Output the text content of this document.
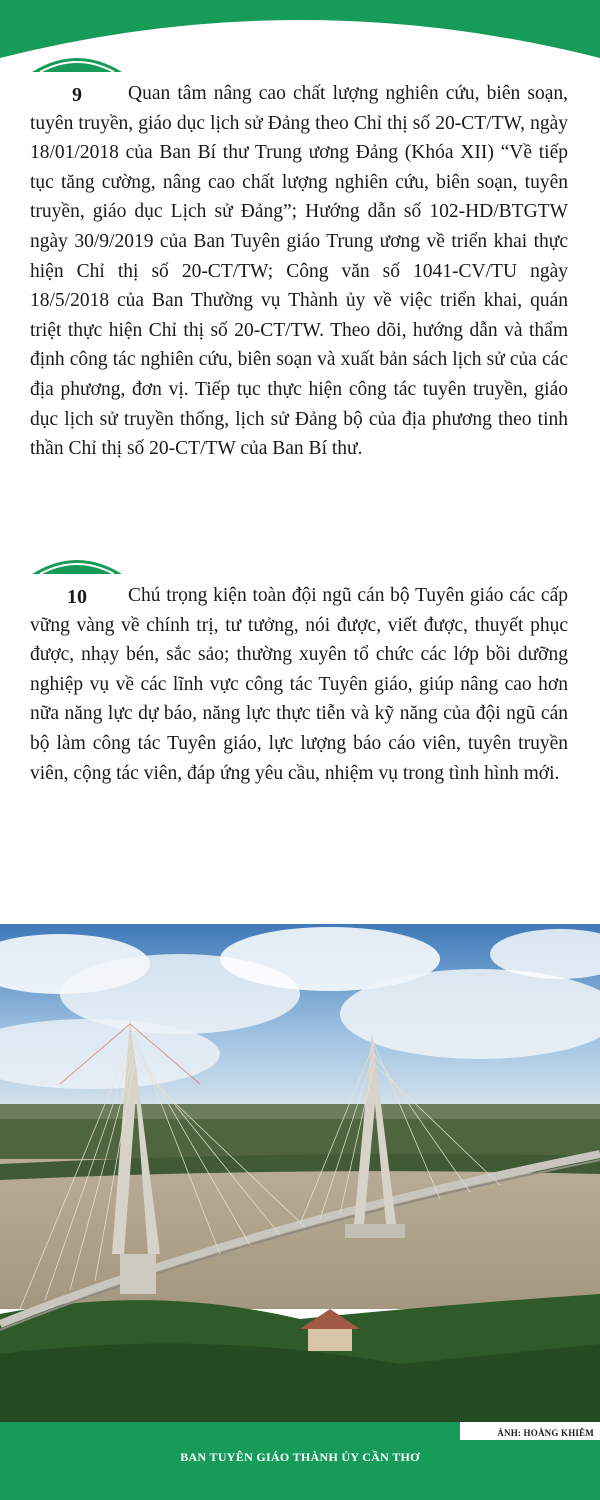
9	Quan tâm nâng cao chất lượng nghiên cứu, biên soạn, tuyên truyền, giáo dục lịch sử Đảng theo Chỉ thị số 20-CT/TW, ngày 18/01/2018 của Ban Bí thư Trung ương Đảng (Khóa XII) “Về tiếp tục tăng cường, nâng cao chất lượng nghiên cứu, biên soạn, tuyên truyền, giáo dục Lịch sử Đảng”; Hướng dẫn số 102-HD/BTGTW ngày 30/9/2019 của Ban Tuyên giáo Trung ương về triển khai thực hiện Chỉ thị số 20-CT/TW; Công văn số 1041-CV/TU ngày 18/5/2018 của Ban Thường vụ Thành ủy về việc triển khai, quán triệt thực hiện Chỉ thị số 20-CT/TW. Theo dõi, hướng dẫn và thẩm định công tác nghiên cứu, biên soạn và xuất bản sách lịch sử của các địa phương, đơn vị. Tiếp tục thực hiện công tác tuyên truyền, giáo dục lịch sử truyền thống, lịch sử Đảng bộ của địa phương theo tinh thần Chỉ thị số 20-CT/TW của Ban Bí thư.

10	Chú trọng kiện toàn đội ngũ cán bộ Tuyên giáo các cấp vững vàng về chính trị, tư tưởng, nói được, viết được, thuyết phục được, nhạy bén, sắc sảo; thường xuyên tổ chức các lớp bồi dưỡng nghiệp vụ về các lĩnh vực công tác Tuyên giáo, giúp nâng cao hơn nữa năng lực dự báo, năng lực thực tiễn và kỹ năng của đội ngũ cán bộ làm công tác Tuyên giáo, lực lượng báo cáo viên, tuyên truyền viên, cộng tác viên, đáp ứng yêu cầu, nhiệm vụ trong tình hình mới.

ẢNH: HOÀNG KHIÊM
BAN TUYÊN GIÁO THÀNH ỦY CẦN THƠ
